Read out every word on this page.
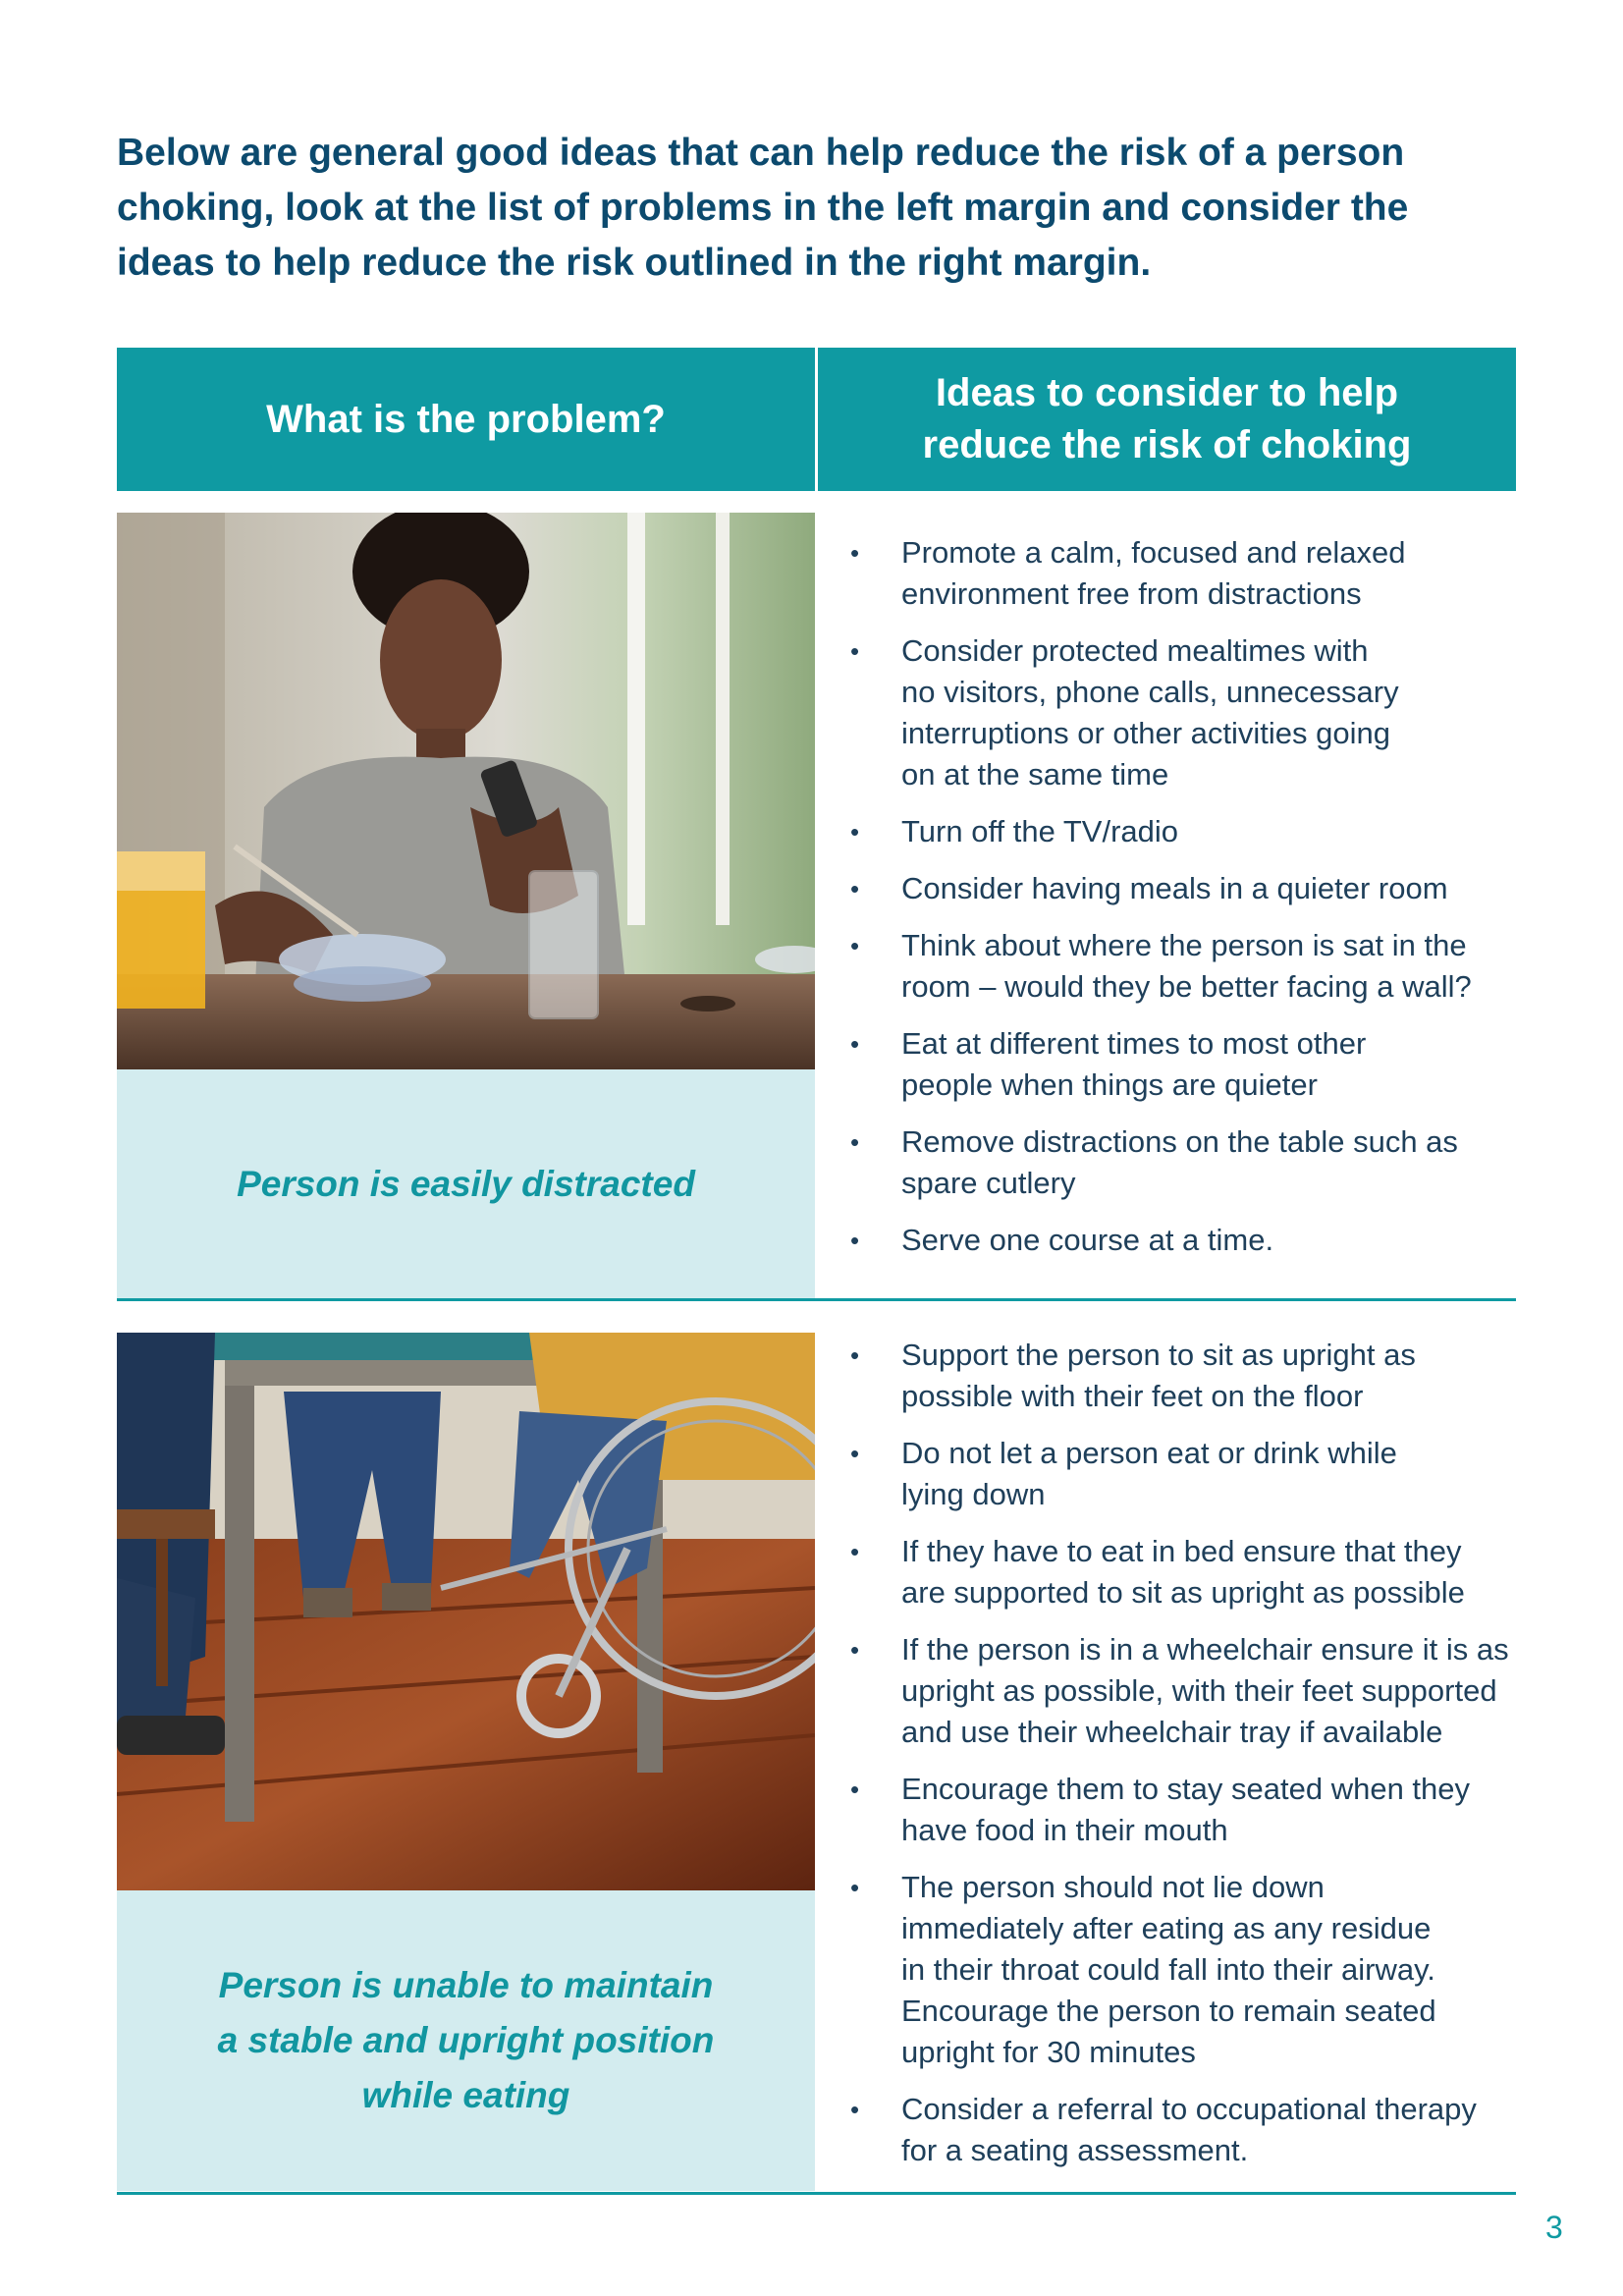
Below are general good ideas that can help reduce the risk of a person choking, look at the list of problems in the left margin and consider the ideas to help reduce the risk outlined in the right margin.

What is the problem?
Ideas to consider to help
reduce the risk of choking
Person is easily distracted
• Promote a calm, focused and relaxed
environment free from distractions
• Consider protected mealtimes with
no visitors, phone calls, unnecessary
interruptions or other activities going
on at the same time
• Turn off the TV/radio
• Consider having meals in a quieter room
• Think about where the person is sat in the
room – would they be better facing a wall?
• Eat at different times to most other
people when things are quieter
• Remove distractions on the table such as
spare cutlery
• Serve one course at a time.
Person is unable to maintain
a stable and upright position
while eating
• Support the person to sit as upright as
possible with their feet on the floor
• Do not let a person eat or drink while
lying down
• If they have to eat in bed ensure that they
are supported to sit as upright as possible
• If the person is in a wheelchair ensure it is as
upright as possible, with their feet supported
and use their wheelchair tray if available
• Encourage them to stay seated when they
have food in their mouth
• The person should not lie down
immediately after eating as any residue
in their throat could fall into their airway.
Encourage the person to remain seated
upright for 30 minutes
• Consider a referral to occupational therapy
for a seating assessment.
3
